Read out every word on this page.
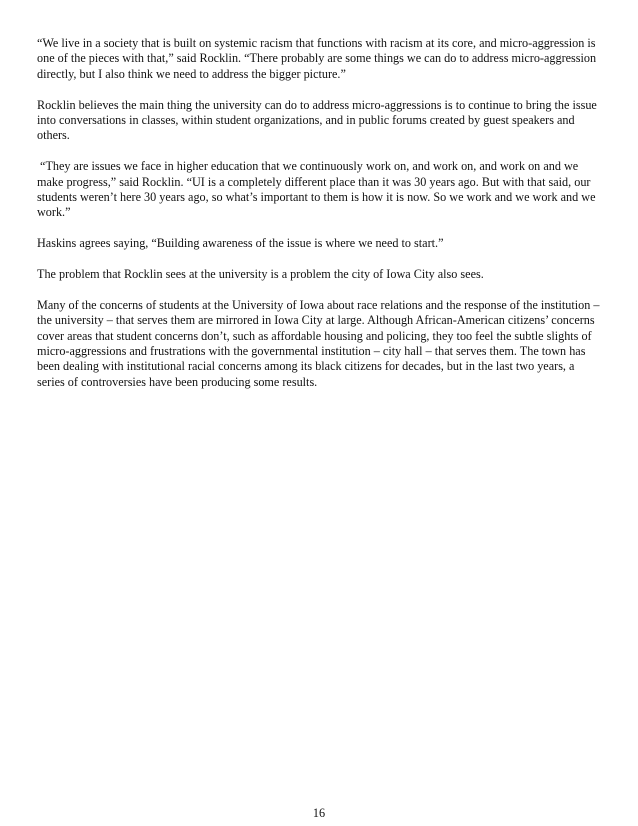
“We live in a society that is built on systemic racism that functions with racism at its core, and micro-aggression is one of the pieces with that,” said Rocklin. “There probably are some things we can do to address micro-aggression directly, but I also think we need to address the bigger picture.”

Rocklin believes the main thing the university can do to address micro-aggressions is to continue to bring the issue into conversations in classes, within student organizations, and in public forums created by guest speakers and others.

“They are issues we face in higher education that we continuously work on, and work on, and work on and we make progress,” said Rocklin. “UI is a completely different place than it was 30 years ago. But with that said, our students weren’t here 30 years ago, so what’s important to them is how it is now. So we work and we work and we work.”

Haskins agrees saying, “Building awareness of the issue is where we need to start.”

The problem that Rocklin sees at the university is a problem the city of Iowa City also sees.

Many of the concerns of students at the University of Iowa about race relations and the response of the institution – the university – that serves them are mirrored in Iowa City at large. Although African-American citizens’ concerns cover areas that student concerns don’t, such as affordable housing and policing, they too feel the subtle slights of micro-aggressions and frustrations with the governmental institution – city hall – that serves them. The town has been dealing with institutional racial concerns among its black citizens for decades, but in the last two years, a series of controversies have been producing some results.

16
